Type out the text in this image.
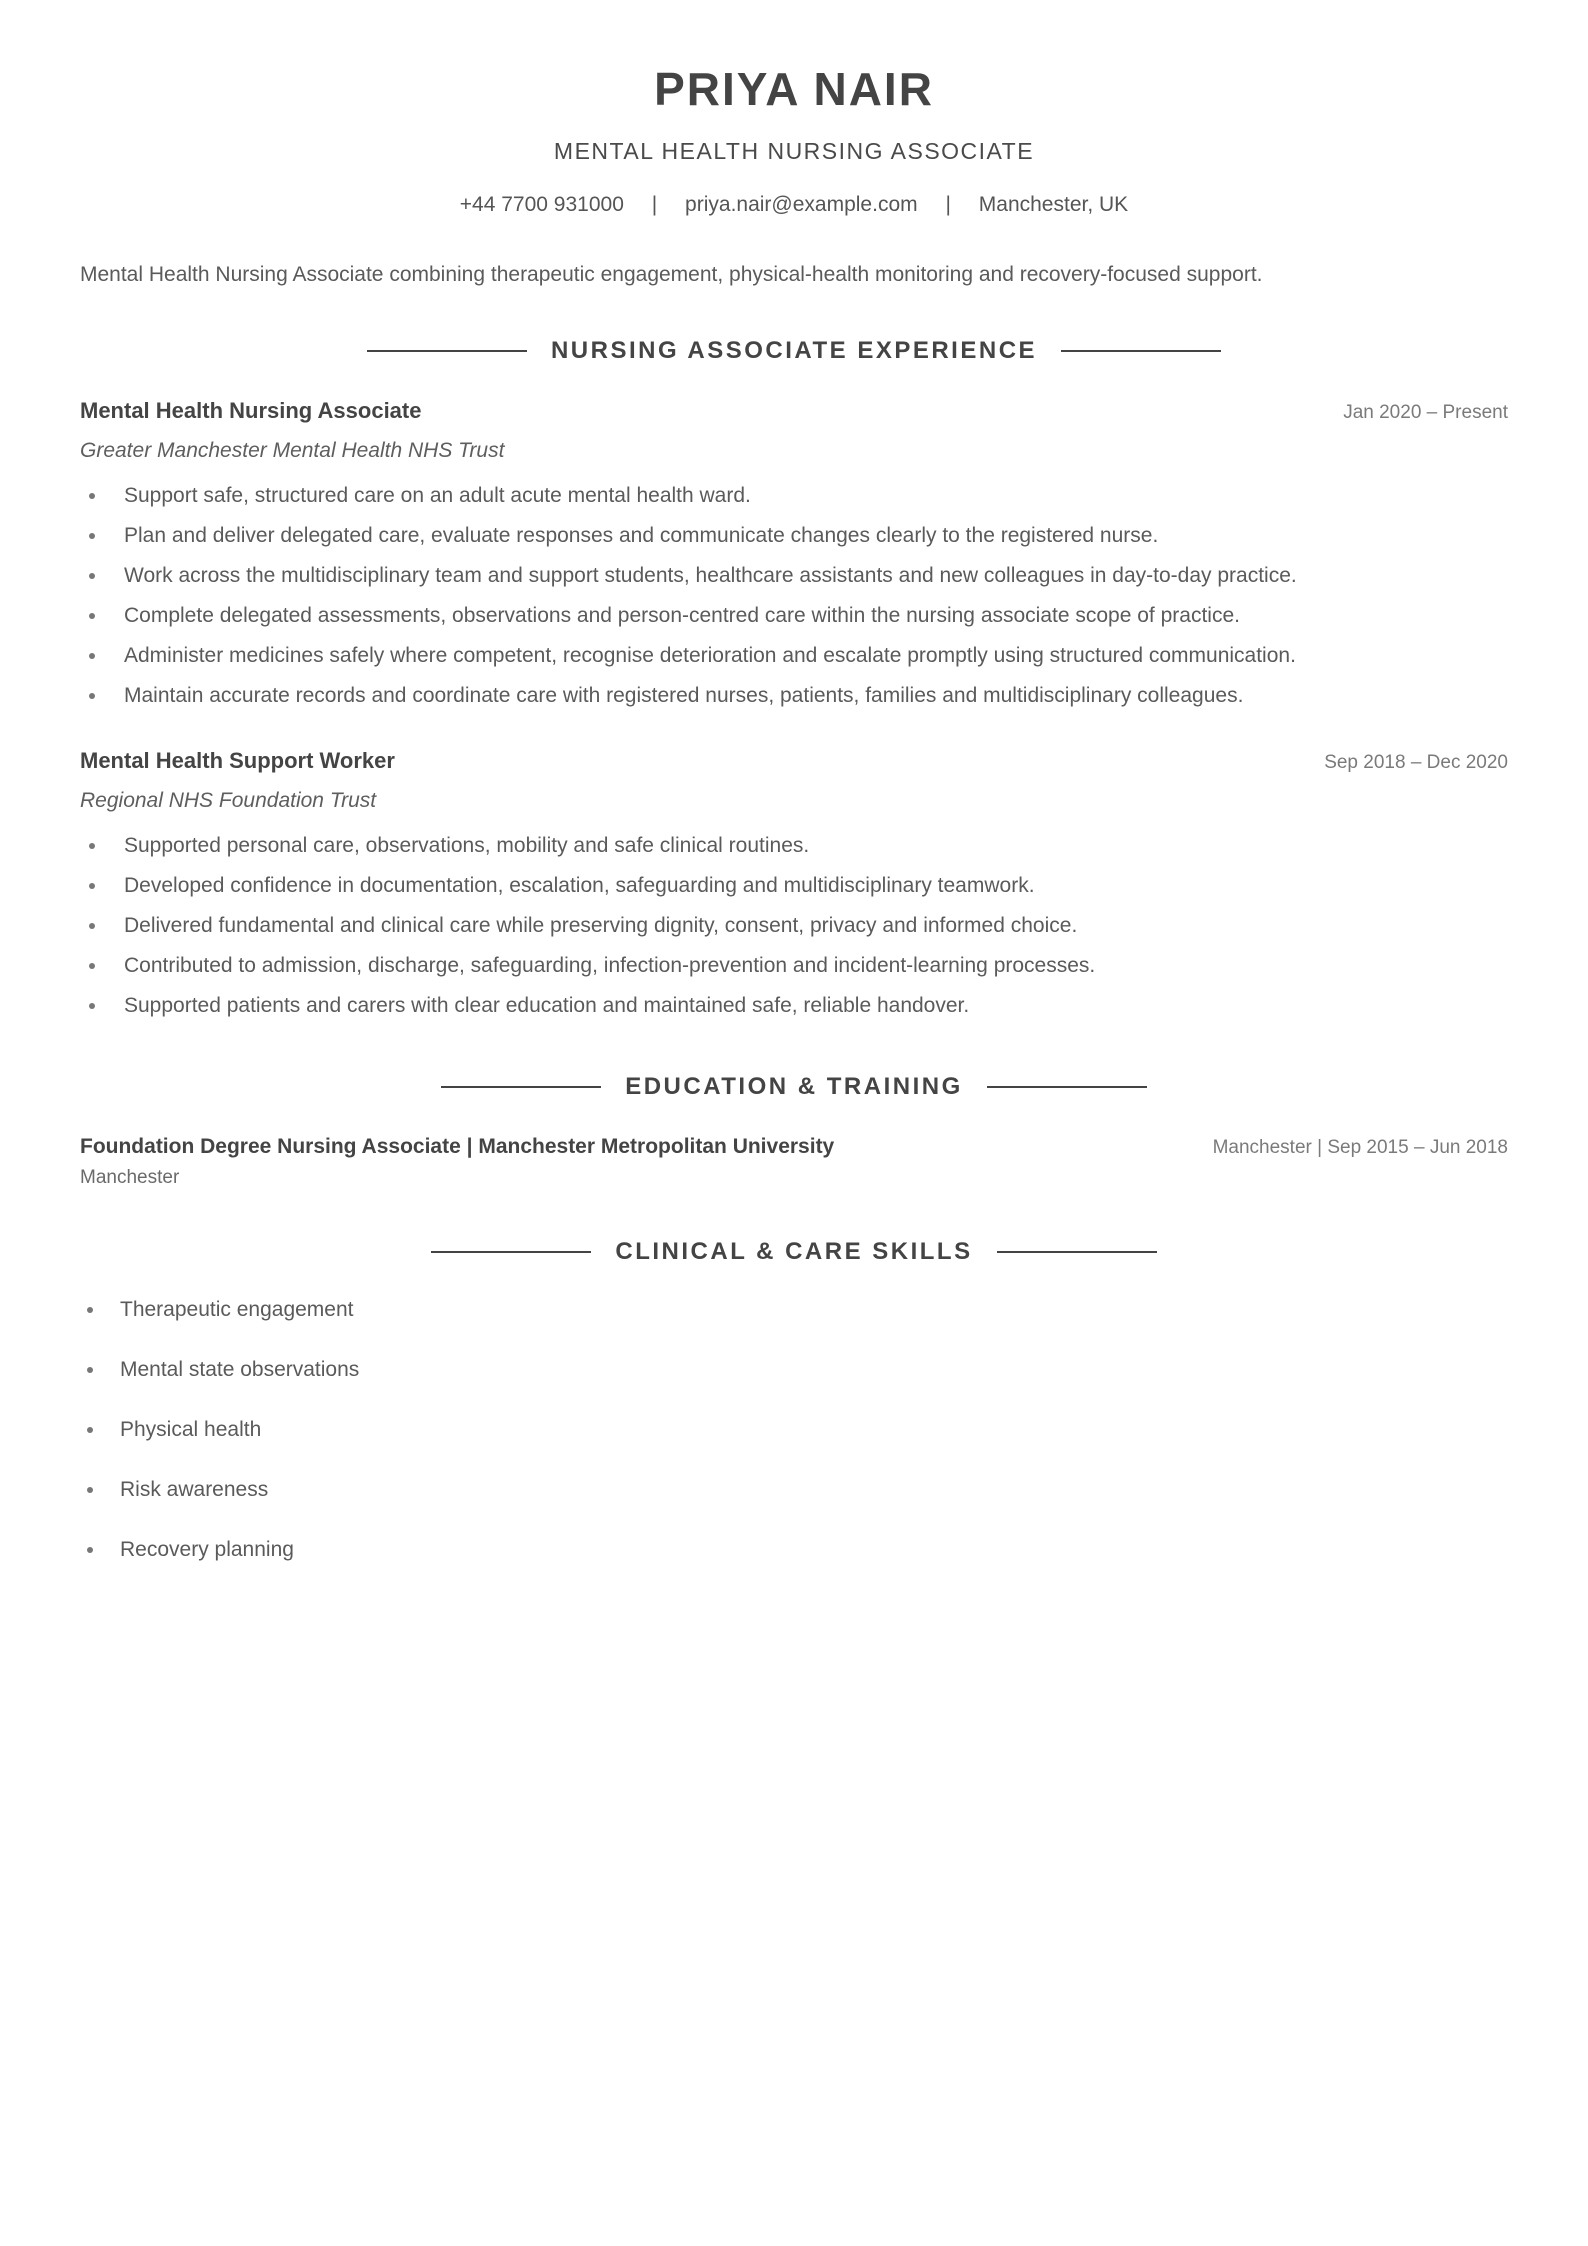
PRIYA NAIR
MENTAL HEALTH NURSING ASSOCIATE
+44 7700 931000 | priya.nair@example.com | Manchester, UK
Mental Health Nursing Associate combining therapeutic engagement, physical-health monitoring and recovery-focused support.
NURSING ASSOCIATE EXPERIENCE
Mental Health Nursing Associate	Jan 2020 – Present
Greater Manchester Mental Health NHS Trust
Support safe, structured care on an adult acute mental health ward.
Plan and deliver delegated care, evaluate responses and communicate changes clearly to the registered nurse.
Work across the multidisciplinary team and support students, healthcare assistants and new colleagues in day-to-day practice.
Complete delegated assessments, observations and person-centred care within the nursing associate scope of practice.
Administer medicines safely where competent, recognise deterioration and escalate promptly using structured communication.
Maintain accurate records and coordinate care with registered nurses, patients, families and multidisciplinary colleagues.
Mental Health Support Worker	Sep 2018 – Dec 2020
Regional NHS Foundation Trust
Supported personal care, observations, mobility and safe clinical routines.
Developed confidence in documentation, escalation, safeguarding and multidisciplinary teamwork.
Delivered fundamental and clinical care while preserving dignity, consent, privacy and informed choice.
Contributed to admission, discharge, safeguarding, infection-prevention and incident-learning processes.
Supported patients and carers with clear education and maintained safe, reliable handover.
EDUCATION & TRAINING
Foundation Degree Nursing Associate | Manchester Metropolitan University	Manchester | Sep 2015 – Jun 2018
Manchester
CLINICAL & CARE SKILLS
Therapeutic engagement
Mental state observations
Physical health
Risk awareness
Recovery planning
